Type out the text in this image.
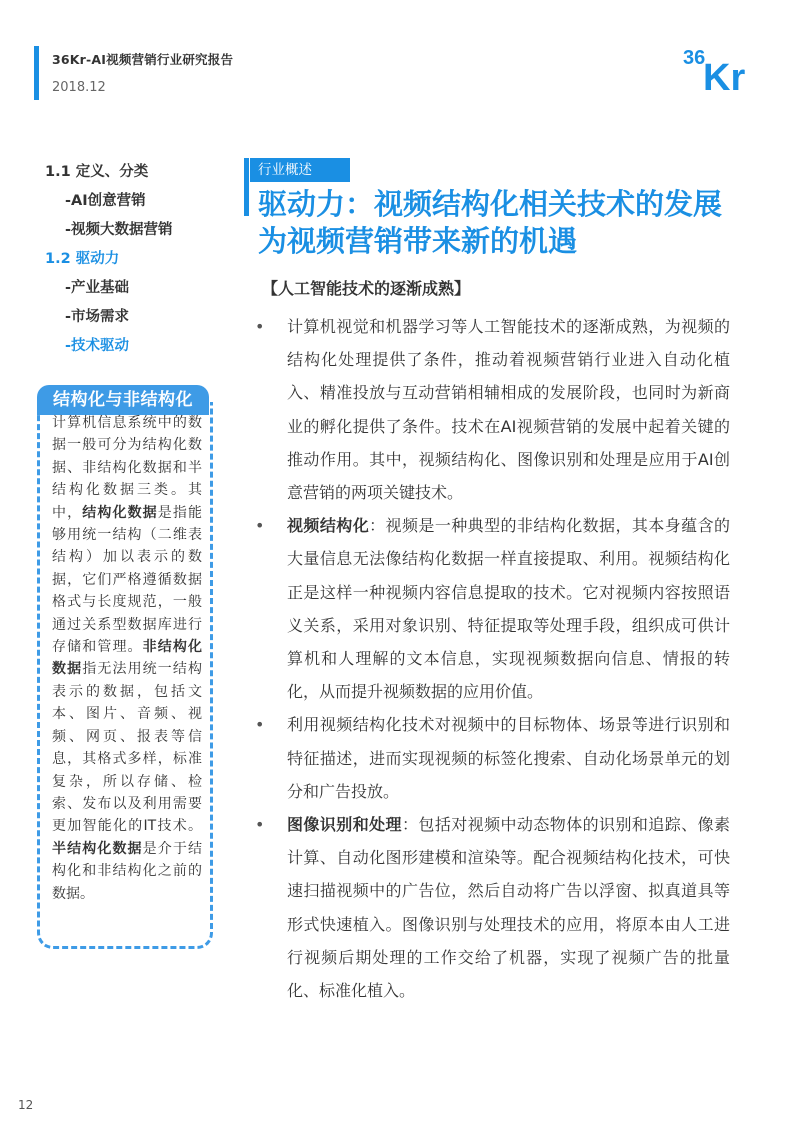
36Kr-AI视频营销行业研究报告
2018.12
36
Kr
1.1 定义、分类
-AI创意营销
-视频大数据营销
1.2 驱动力
-产业基础
-市场需求
-技术驱动
结构化与非结构化
计算机信息系统中的数据一般可分为结构化数据、非结构化数据和半结构化数据三类。其中，结构化数据是指能够用统一结构（二维表结构）加以表示的数据，它们严格遵循数据格式与长度规范，一般通过关系型数据库进行存储和管理。非结构化数据指无法用统一结构表示的数据，包括文本、图片、音频、视频、网页、报表等信息，其格式多样，标准复杂，所以存储、检索、发布以及利用需要更加智能化的IT技术。半结构化数据是介于结构化和非结构化之前的数据。
行业概述
驱动力：视频结构化相关技术的发展为视频营销带来新的机遇
【人工智能技术的逐渐成熟】

• 计算机视觉和机器学习等人工智能技术的逐渐成熟，为视频的结构化处理提供了条件，推动着视频营销行业进入自动化植入、精准投放与互动营销相辅相成的发展阶段，也同时为新商业的孵化提供了条件。技术在AI视频营销的发展中起着关键的推动作用。其中，视频结构化、图像识别和处理是应用于AI创意营销的两项关键技术。

• 视频结构化：视频是一种典型的非结构化数据，其本身蕴含的大量信息无法像结构化数据一样直接提取、利用。视频结构化正是这样一种视频内容信息提取的技术。它对视频内容按照语义关系，采用对象识别、特征提取等处理手段，组织成可供计算机和人理解的文本信息，实现视频数据向信息、情报的转化，从而提升视频数据的应用价值。

• 利用视频结构化技术对视频中的目标物体、场景等进行识别和特征描述，进而实现视频的标签化搜索、自动化场景单元的划分和广告投放。

• 图像识别和处理：包括对视频中动态物体的识别和追踪、像素计算、自动化图形建模和渲染等。配合视频结构化技术，可快速扫描视频中的广告位，然后自动将广告以浮窗、拟真道具等形式快速植入。图像识别与处理技术的应用，将原本由人工进行视频后期处理的工作交给了机器，实现了视频广告的批量化、标准化植入。

12
